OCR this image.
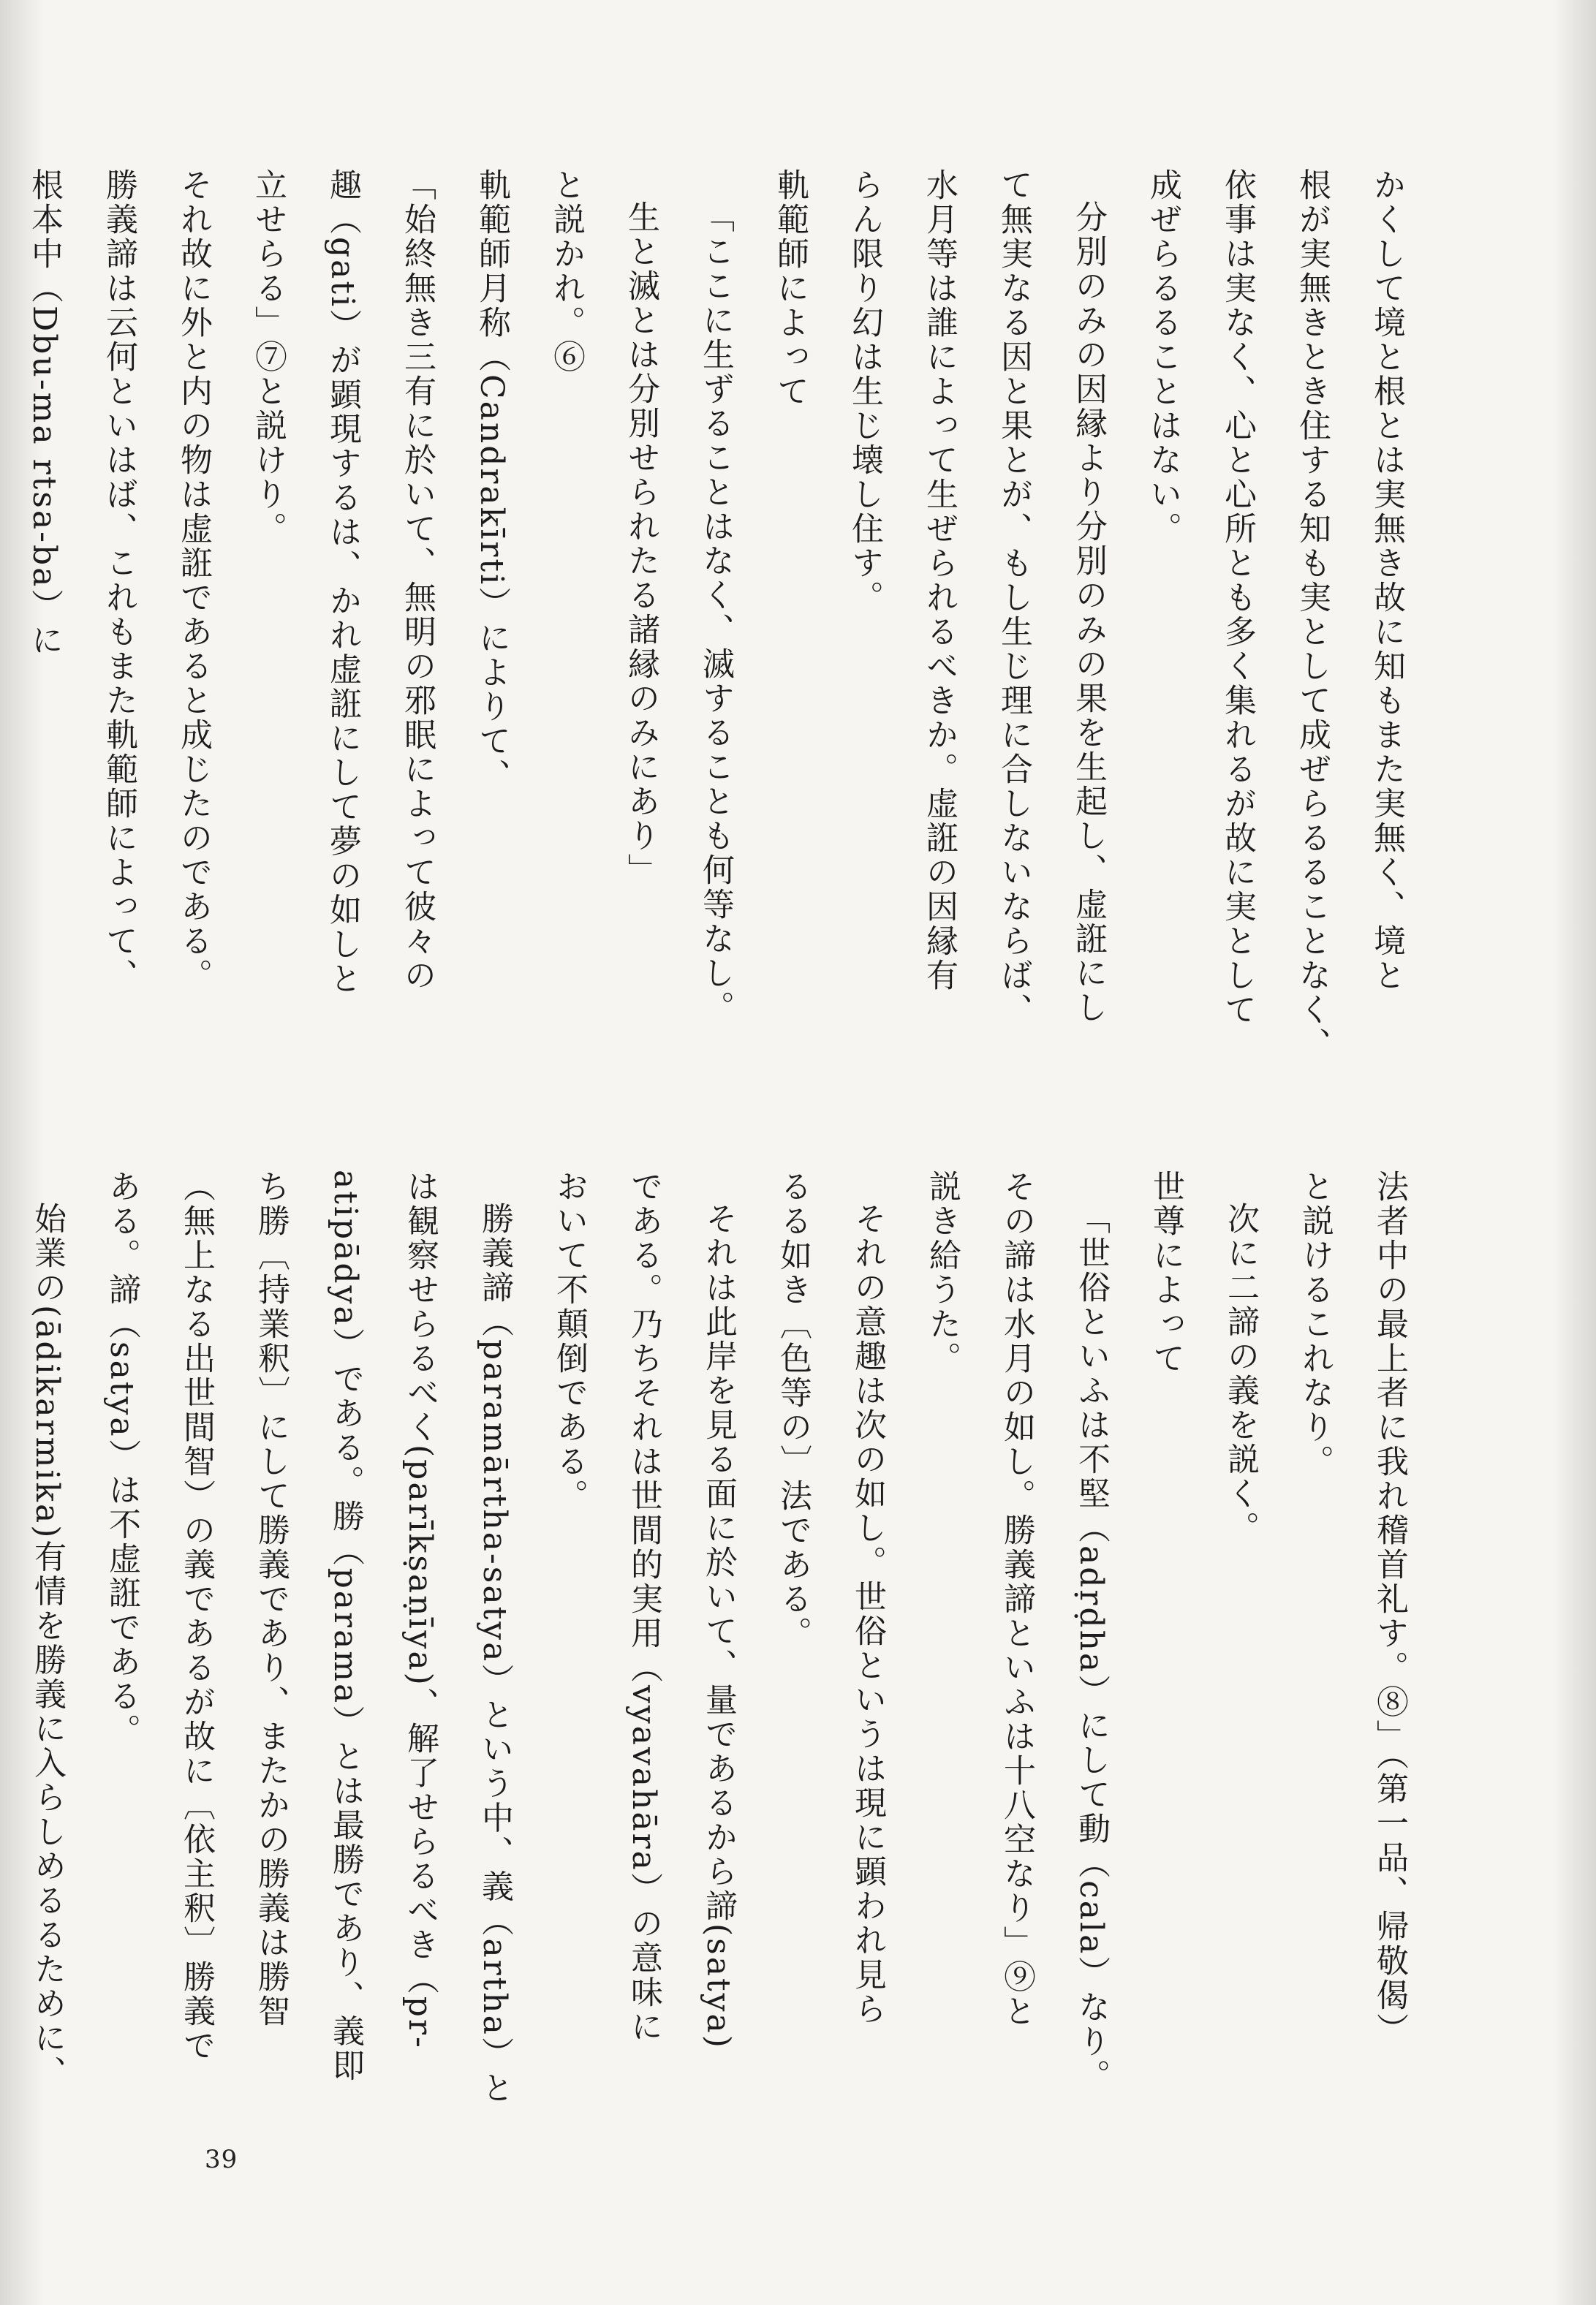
かくして境と根とは実無き故に知もまた実無く、境と
根が実無きとき住する知も実として成ぜらるることなく、
依事は実なく、心と心所とも多く集れるが故に実として
成ぜらるることはない。
分別のみの因縁より分別のみの果を生起し、虚誑にし
て無実なる因と果とが、もし生じ理に合しないならば、
水月等は誰によって生ぜられるべきか。虚誑の因縁有
らん限り幻は生じ壊し住す。
軌範師によって
「ここに生ずることはなく、滅することも何等なし。
生と滅とは分別せられたる諸縁のみにあり」
と説かれ。⑥
軌範師月称（Candrakīrti）によりて、
「始終無き三有に於いて、無明の邪眠によって彼々の
趣（gati）が顕現するは、かれ虚誑にして夢の如しと
立せらる」⑦と説けり。
それ故に外と内の物は虚誑であると成じたのである。
勝義諦は云何といはば、これもまた軌範師によって、
根本中（Dbu-ma rtsa-ba）に
法者中の最上者に我れ稽首礼す。⑧」（第一品、帰敬偈）
と説けるこれなり。
次に二諦の義を説く。
世尊によって
「世俗といふは不堅（adṛḍha）にして動（cala）なり。
その諦は水月の如し。勝義諦といふは十八空なり」⑨と
説き給うた。
それの意趣は次の如し。世俗というは現に顕われ見ら
るる如き〔色等の〕法である。
それは此岸を見る面に於いて、量であるから諦(satya)
である。乃ちそれは世間的実用（vyavahāra）の意味に
おいて不顛倒である。
勝義諦（paramārtha-satya）という中、義（artha）と
は観察せらるべく(parīkṣaṇīya)、解了せらるべき（pr-
atipādya）である。勝（parama）とは最勝であり、義即
ち勝〔持業釈〕にして勝義であり、またかの勝義は勝智
（無上なる出世間智）の義であるが故に〔依主釈〕勝義で
ある。諦（satya）は不虚誑である。
始業の(ādikarmika)有情を勝義に入らしめるるために、
39
